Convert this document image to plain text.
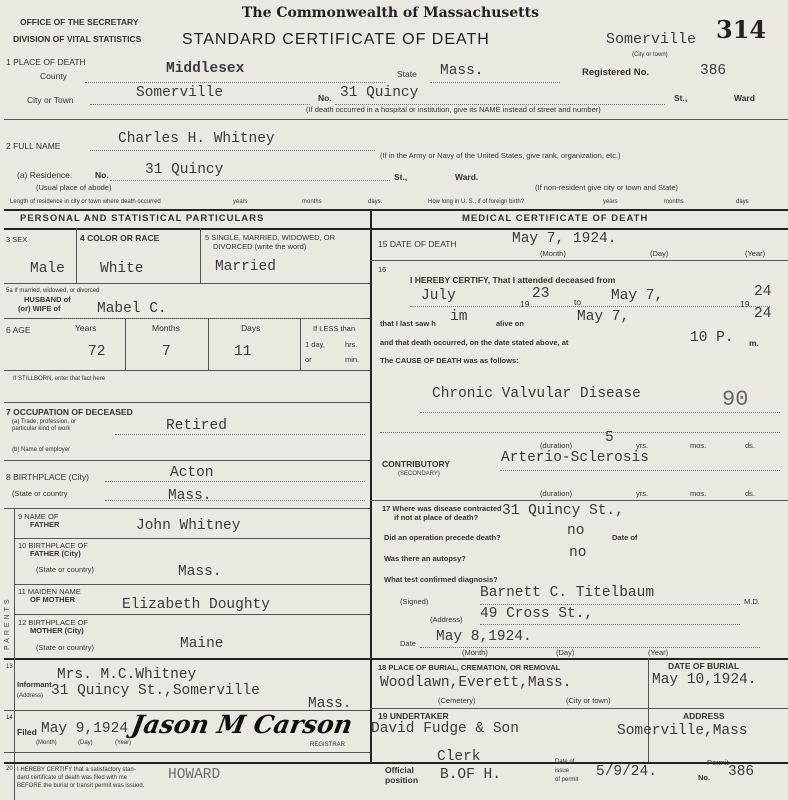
OFFICE OF THE SECRETARY
DIVISION OF VITAL STATISTICS
The Commonwealth of Massachusetts
STANDARD CERTIFICATE OF DEATH	Somerville
(City or town)
314
1 PLACE OF DEATH
County	Middlesex	State Mass.	Registered No.	386
City or Town	Somerville	No. 31 Quincy	St.,	Ward
(If death occurred in a hospital or institution, give its NAME instead of street and number)
2 FULL NAME	Charles H. Whitney
(If in the Army or Navy of the United States, give rank, organization, etc.)
(a) Residence.	No.	31 Quincy
(Usual place of abode)
St.,	Ward.
(If non-resident give city or town and State)
Length of residence in city or town where death occurred	years	months	days.	How long in U. S., if of foreign birth?	years	months	days
PERSONAL AND STATISTICAL PARTICULARS	MEDICAL CERTIFICATE OF DEATH
3 SEX	4 COLOR OR RACE	5 SINGLE, MARRIED, WIDOWED, OR
DIVORCED (write the word)
Male White	Married
5a If married, widowed, or divorced
HUSBAND of
(or) WIFE of	Mabel C.
6 AGE	Years	Months	Days
72	7	11
If LESS than
1 day,	hrs.
or	min.
If STILLBORN, enter that fact here
7 OCCUPATION OF DECEASED
(a) Trade, profession, or
particular kind of work	Retired
(b) Name of employer
8 BIRTHPLACE (City)	Acton
(State or country	Mass.
PARENTS
9 NAME OF
FATHER	John Whitney
10 BIRTHPLACE OF
FATHER (City)
(State or country)	Mass.
11 MAIDEN NAME
OF MOTHER	Elizabeth Doughty
12 BIRTHPLACE OF
MOTHER (City)
(State or country)	Maine
15 DATE OF DEATH	May 7, 1924.
(Month)	(Day)	(Year)
16
I HEREBY CERTIFY, That I attended deceased from
July	19
23	to May 7,	19
24
that I last saw h im	alive on	May 7,	24
and that death occurred, on the date stated above, at	10 P. m.
The CAUSE OF DEATH was as follows:
Chronic Valvular Disease	90
(duration) 5	yrs.	mos.	ds.
CONTRIBUTORY
(SECONDARY)
Arterio-Sclerosis
(duration)	yrs.	mos.	ds.
17 Where was disease contracted
if not at place of death? 31 Quincy St.,
Did an operation precede death?	no	Date of
Was there an autopsy?	no
What test confirmed diagnosis?
(Signed)
Barnett C. Titelbaum
M.D.
(Address) 49 Cross St.,
Date May 8,1924.
(Month)	(Day)	(Year)
13
Informant
(Address)
Mrs. M.C.Whitney
31 Quincy St.,Somerville
Mass.
14
Filed May 9,1924
(Month)	(Day)	(Year)
Jason M Carson
REGISTRAR
18 PLACE OF BURIAL, CREMATION, OR REMOVAL
Woodlawn,Everett,Mass.
(Cemetery)	(City or town)
DATE OF BURIAL
May 10,1924.
19 UNDERTAKER
David Fudge & Son
ADDRESS
Somerville,Mass
20 I HEREBY CERTIFY that a satisfactory stan-
dard certificate of death was filed with me
BEFORE the burial or transit permit was issued.
HOWARD	Official
position
Clerk
B.OF H.
Date of
issue
of permit 5/9/24.
Permit
No. 386
